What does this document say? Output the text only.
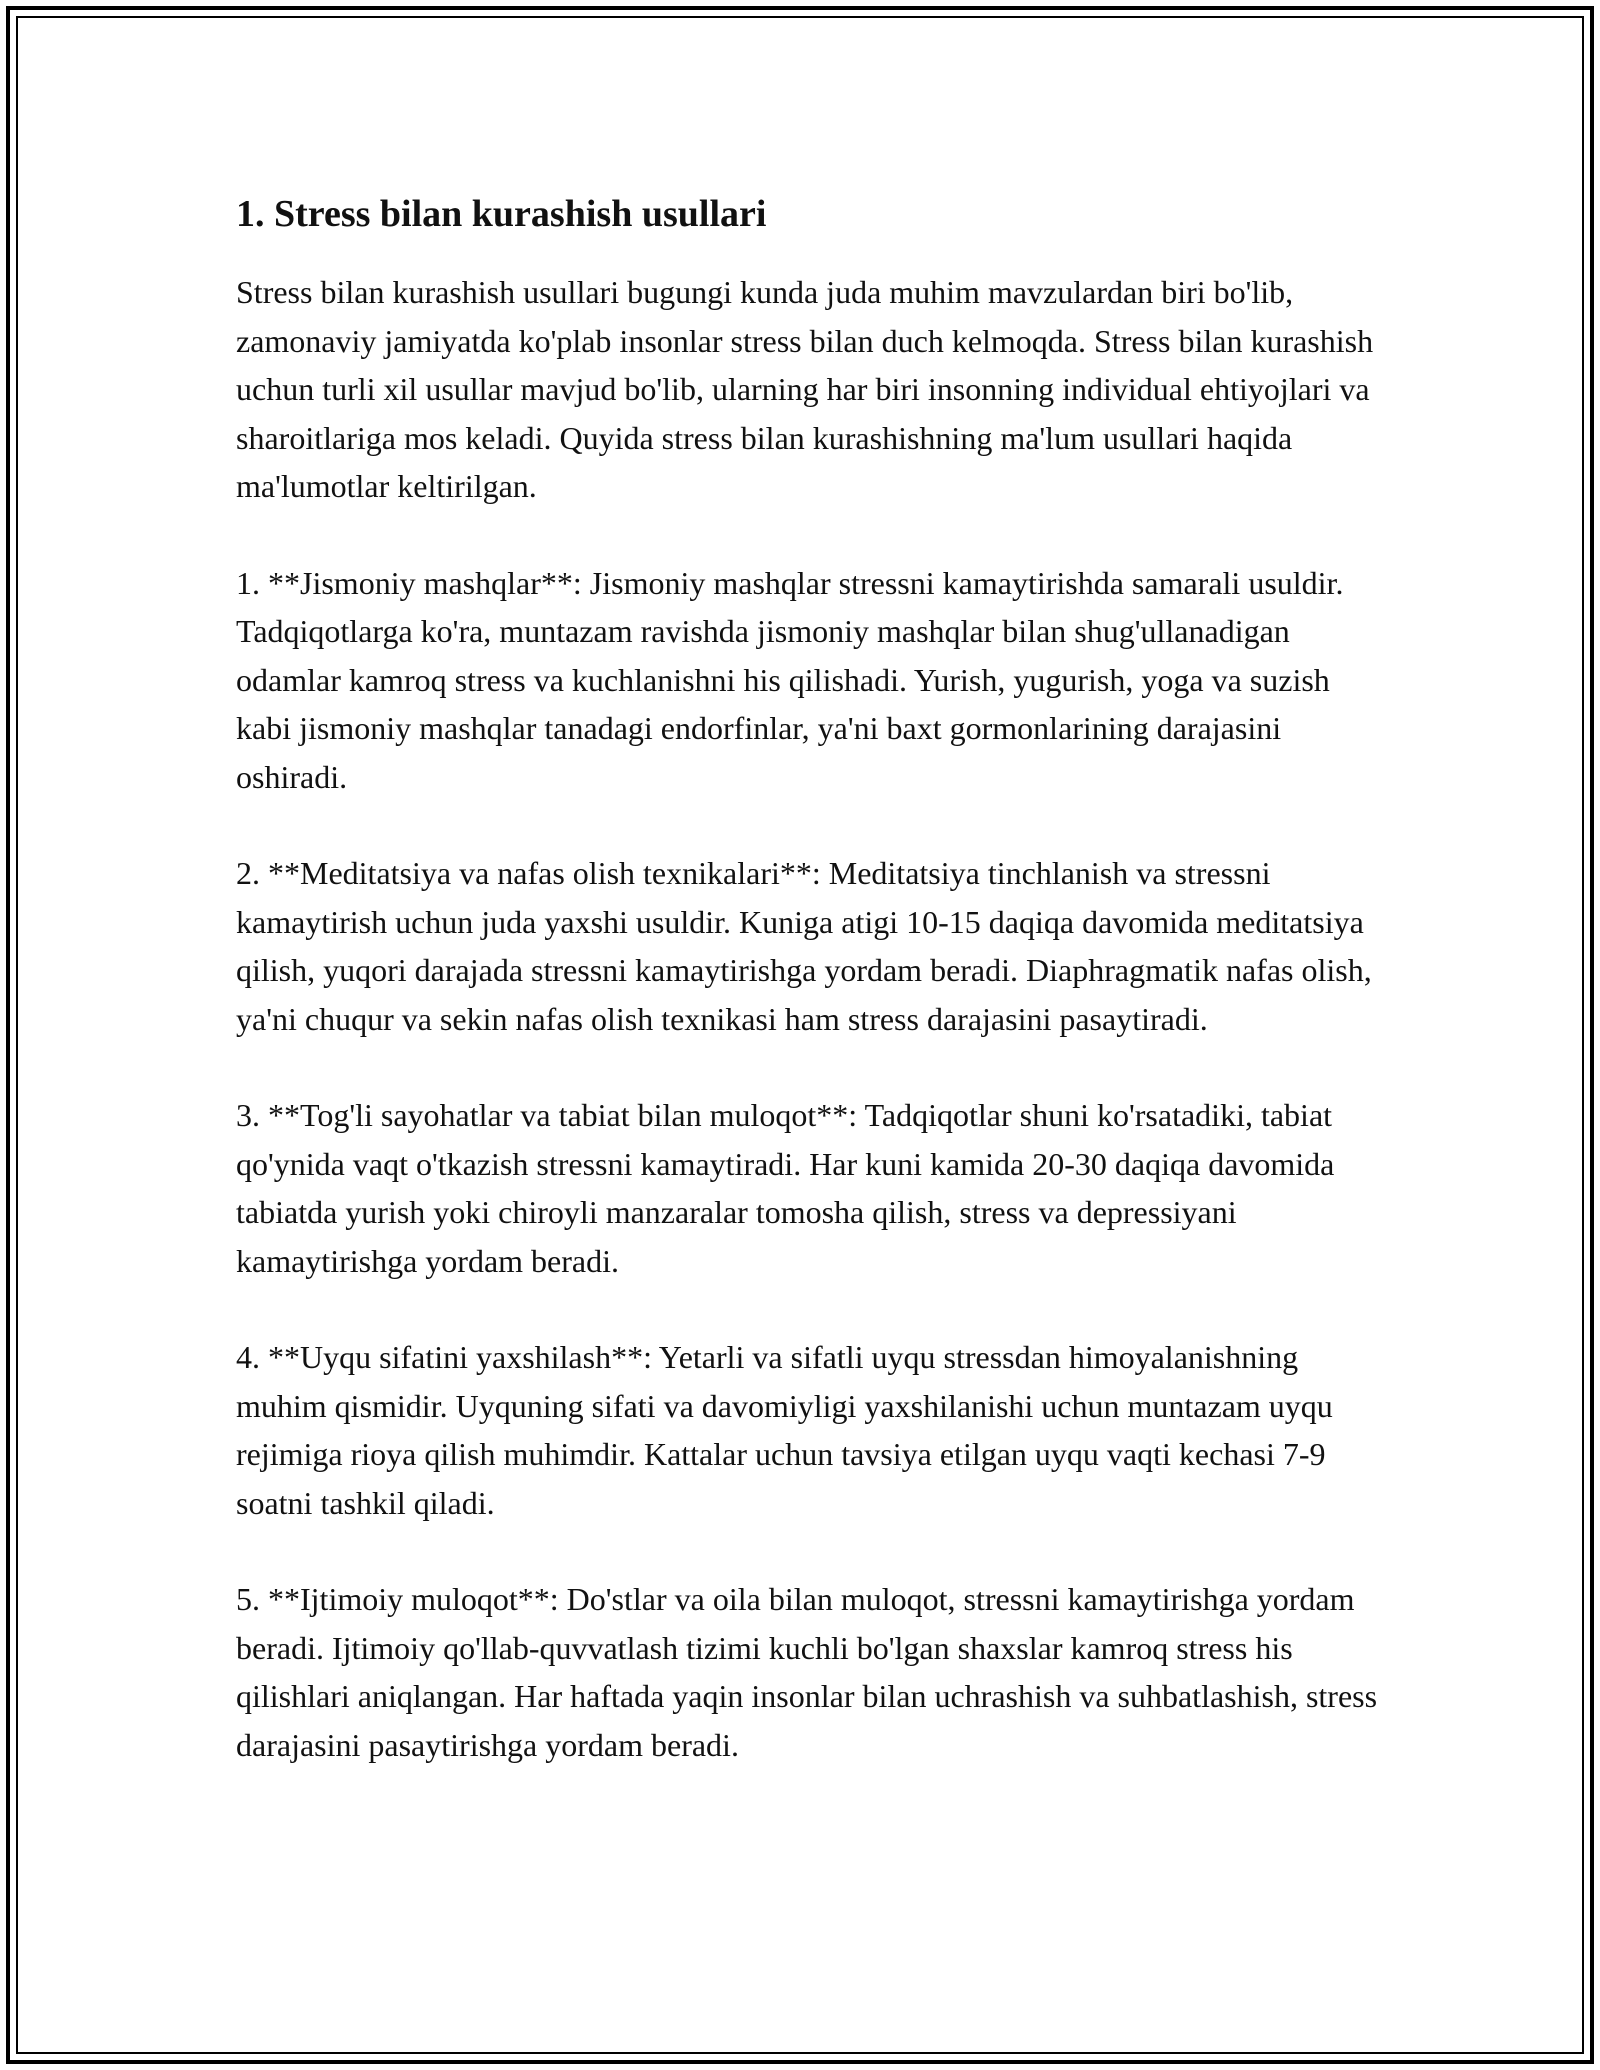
1. Stress bilan kurashish usullari

Stress bilan kurashish usullari bugungi kunda juda muhim mavzulardan biri bo'lib, zamonaviy jamiyatda ko'plab insonlar stress bilan duch kelmoqda. Stress bilan kurashish uchun turli xil usullar mavjud bo'lib, ularning har biri insonning individual ehtiyojlari va sharoitlariga mos keladi. Quyida stress bilan kurashishning ma'lum usullari haqida ma'lumotlar keltirilgan.

1. **Jismoniy mashqlar**: Jismoniy mashqlar stressni kamaytirishda samarali usuldir. Tadqiqotlarga ko'ra, muntazam ravishda jismoniy mashqlar bilan shug'ullanadigan odamlar kamroq stress va kuchlanishni his qilishadi. Yurish, yugurish, yoga va suzish kabi jismoniy mashqlar tanadagi endorfinlar, ya'ni baxt gormonlarining darajasini oshiradi.

2. **Meditatsiya va nafas olish texnikalari**: Meditatsiya tinchlanish va stressni kamaytirish uchun juda yaxshi usuldir. Kuniga atigi 10-15 daqiqa davomida meditatsiya qilish, yuqori darajada stressni kamaytirishga yordam beradi. Diaphragmatik nafas olish, ya'ni chuqur va sekin nafas olish texnikasi ham stress darajasini pasaytiradi.

3. **Tog'li sayohatlar va tabiat bilan muloqot**: Tadqiqotlar shuni ko'rsatadiki, tabiat qo'ynida vaqt o'tkazish stressni kamaytiradi. Har kuni kamida 20-30 daqiqa davomida tabiatda yurish yoki chiroyli manzaralar tomosha qilish, stress va depressiyani kamaytirishga yordam beradi.

4. **Uyqu sifatini yaxshilash**: Yetarli va sifatli uyqu stressdan himoyalanishning muhim qismidir. Uyquning sifati va davomiyligi yaxshilanishi uchun muntazam uyqu rejimiga rioya qilish muhimdir. Kattalar uchun tavsiya etilgan uyqu vaqti kechasi 7-9 soatni tashkil qiladi.

5. **Ijtimoiy muloqot**: Do'stlar va oila bilan muloqot, stressni kamaytirishga yordam beradi. Ijtimoiy qo'llab-quvvatlash tizimi kuchli bo'lgan shaxslar kamroq stress his qilishlari aniqlangan. Har haftada yaqin insonlar bilan uchrashish va suhbatlashish, stress darajasini pasaytirishga yordam beradi.
